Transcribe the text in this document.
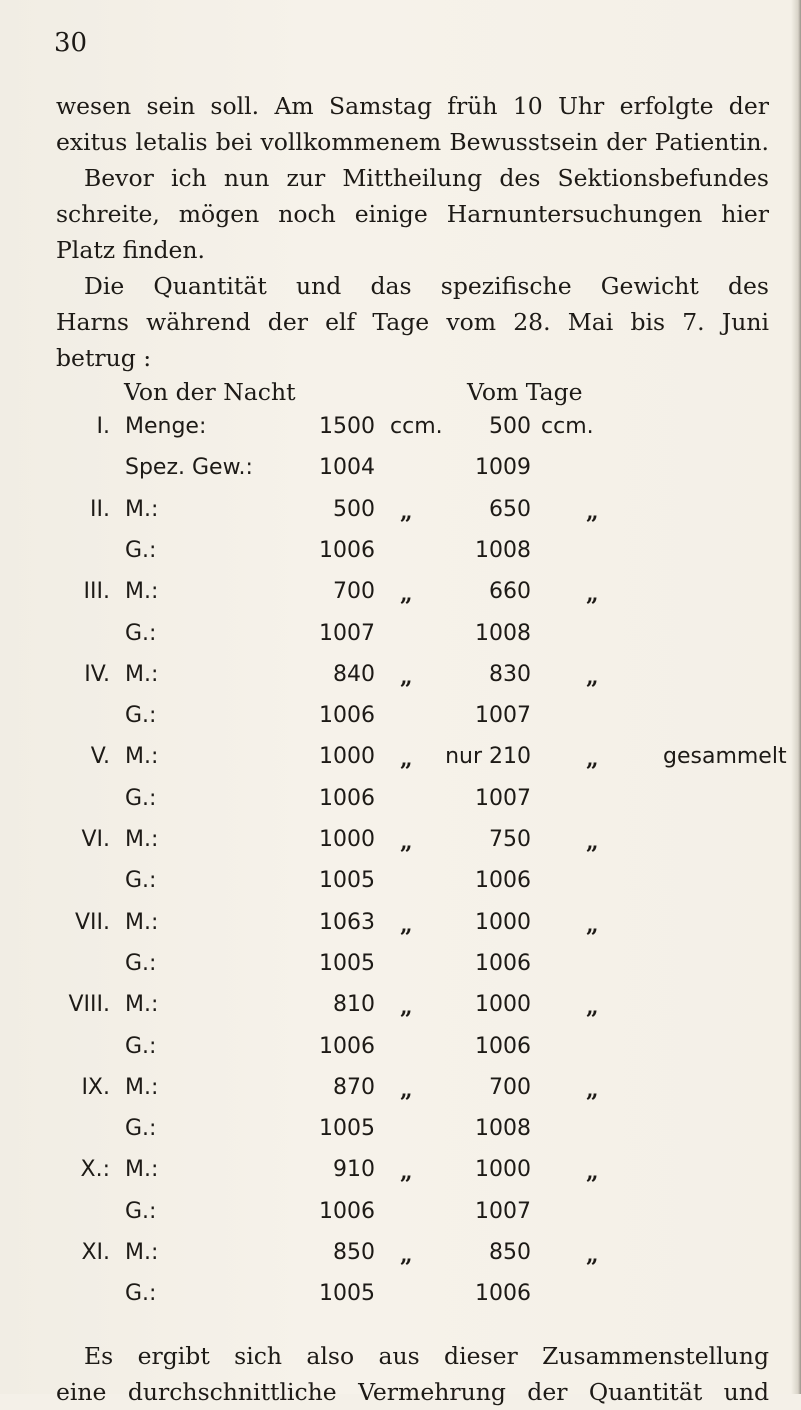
30
wesen sein soll. Am Samstag früh 10 Uhr erfolgte der
exitus letalis bei vollkommenem Bewusstsein der Patientin.
Bevor ich nun zur Mittheilung des Sektionsbefundes
schreite, mögen noch einige Harnuntersuchungen hier
Platz finden.
Die Quantität und das spezifische Gewicht des
Harns während der elf Tage vom 28. Mai bis 7. Juni
betrug :
Von der Nacht	Vom Tage
I. Menge:	1500 ccm. 500 ccm.
Spez. Gew.:	1004	1009
II. M.:	500 „	650	„
G.:	1006	1008
III. M.:	700 „	660	„
G.:	1007	1008
IV. M.:	840 „	830	„
G.:	1006	1007
V. M.:	1000 „ nur 210	„	gesammelt
G.:	1006	1007
VI. M.:	1000 „	750	„
G.:	1005	1006
VII. M.:	1063 „	1000	„
G.:	1005	1006
VIII. M.:	810 „	1000	„
G.:	1006	1006
IX. M.:	870 „	700	„
G.:	1005	1008
X.: M.:	910 „	1000	„
G.:	1006	1007
XI. M.:	850 „	850	„
G.:	1005	1006
Es ergibt sich also aus dieser Zusammenstellung
eine durchschnittliche Vermehrung der Quantität und
